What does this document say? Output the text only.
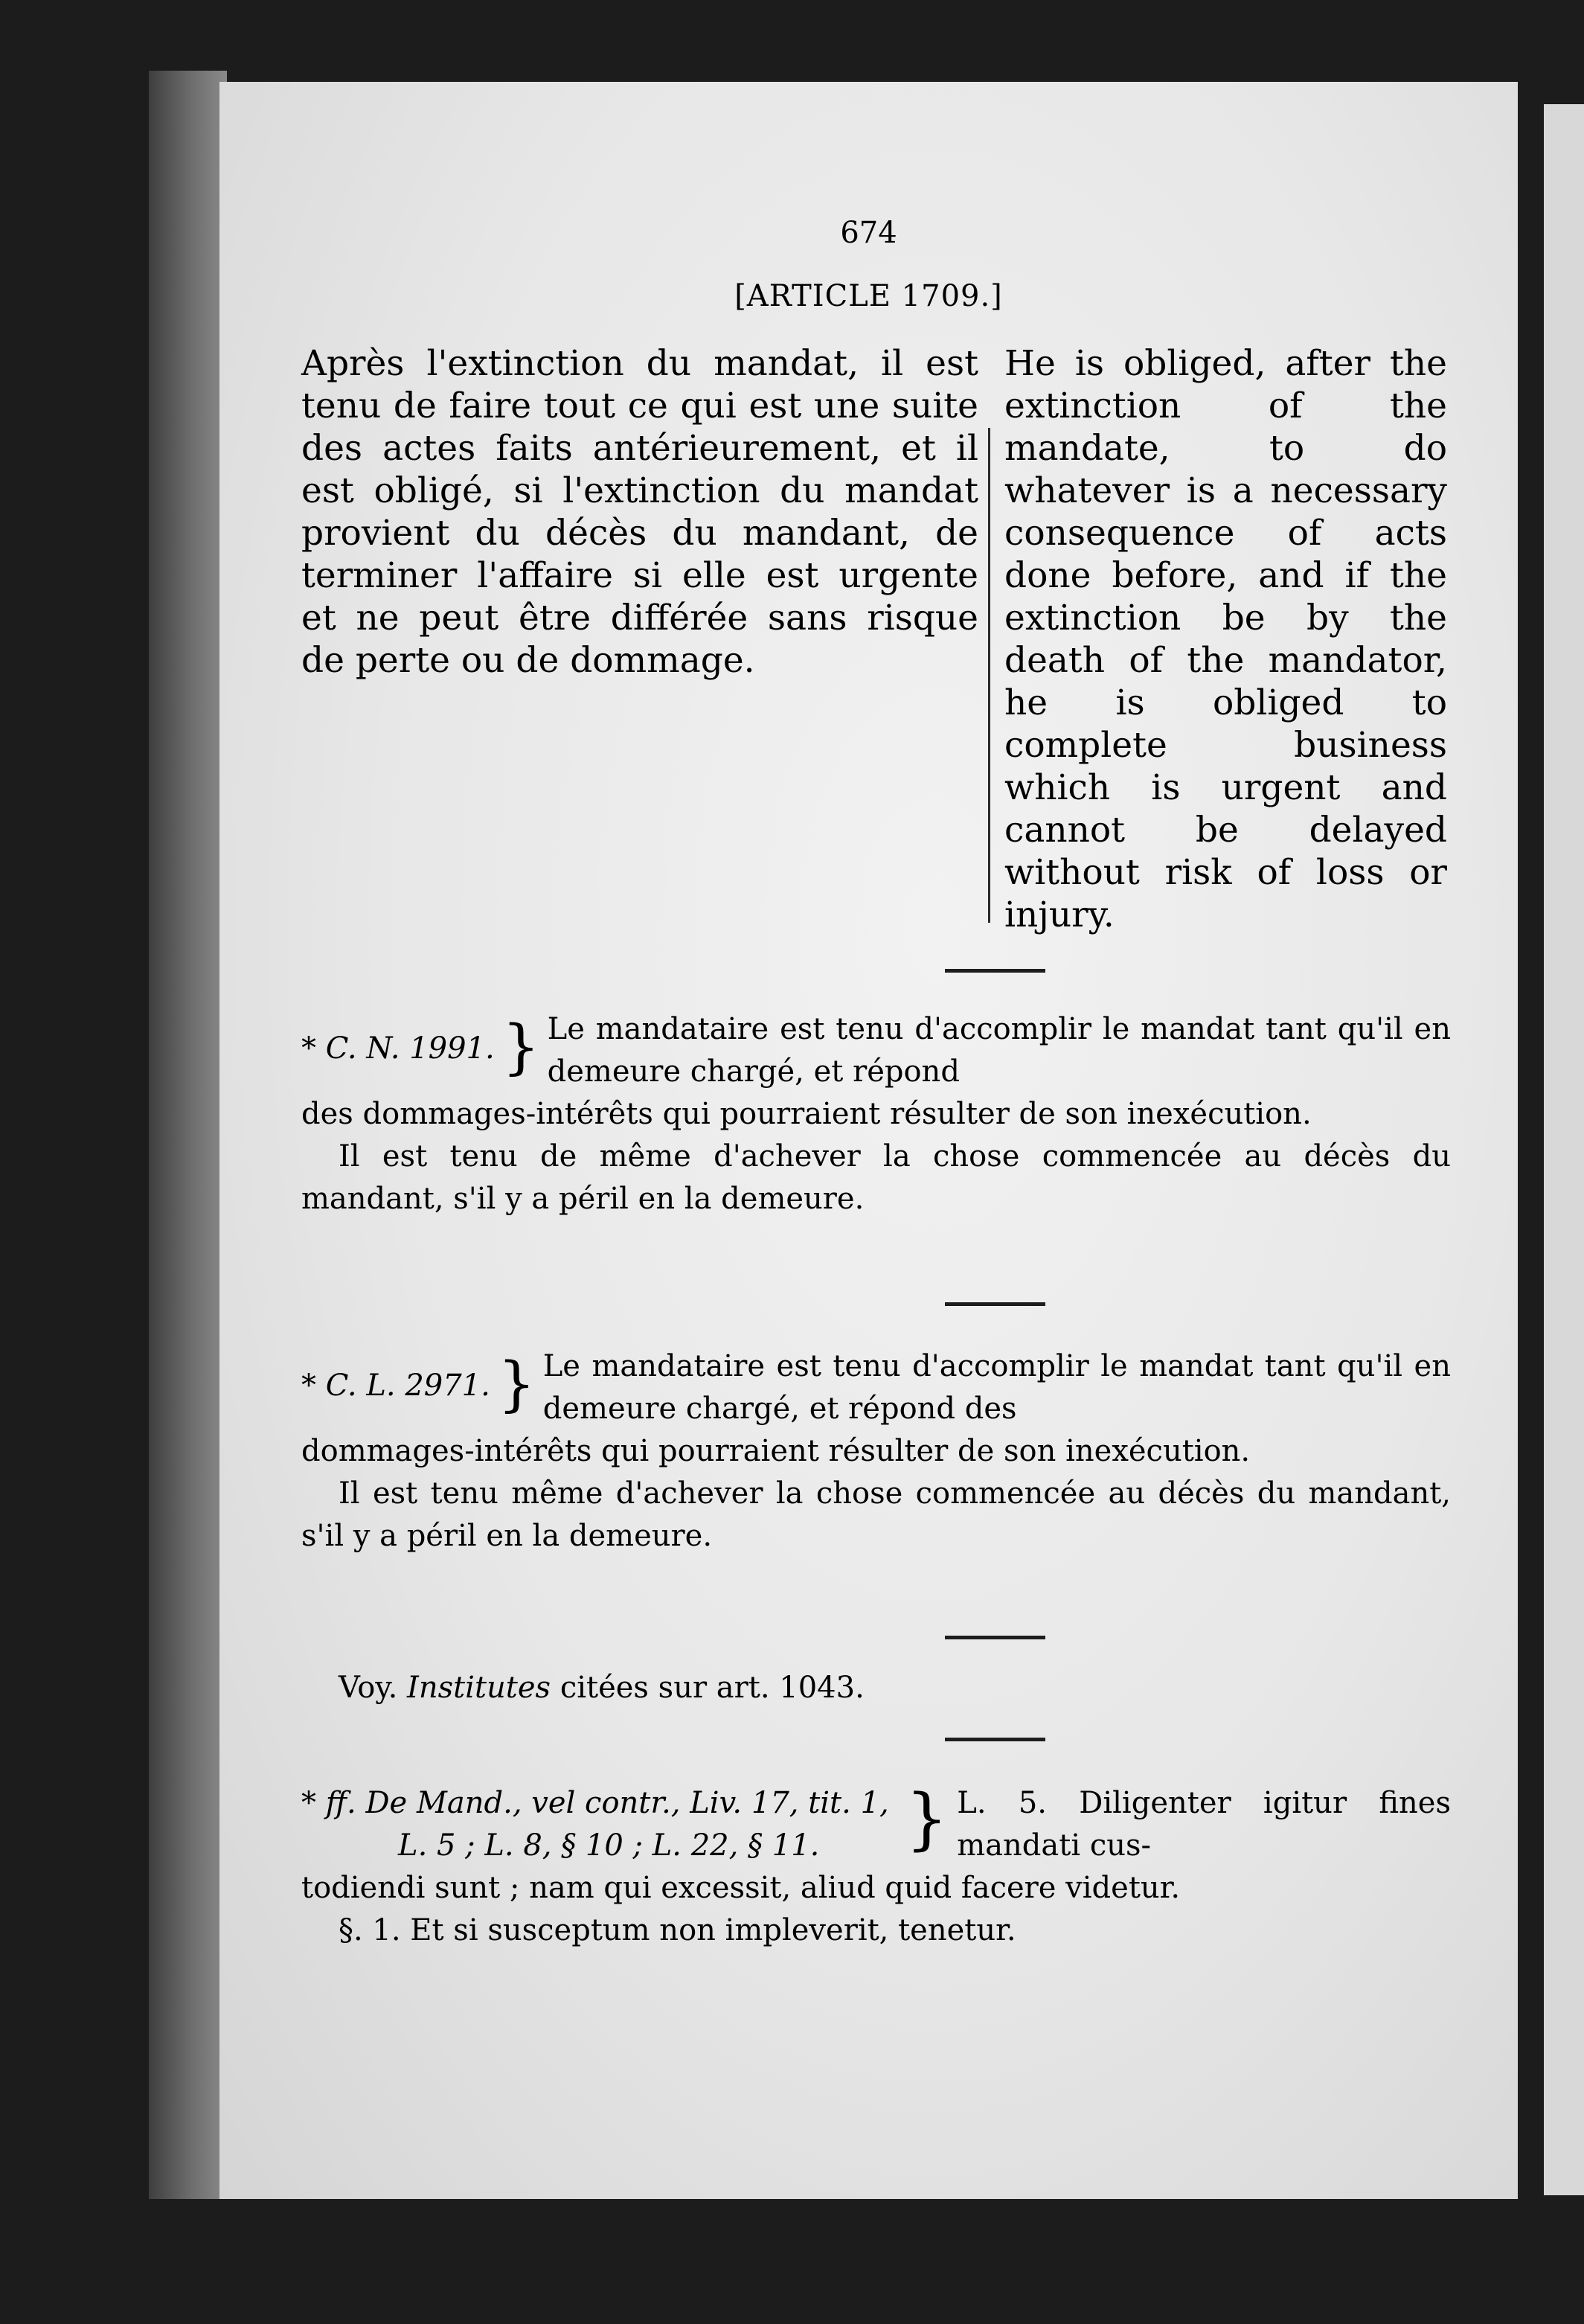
674
[ARTICLE 1709.]
Après l'extinction du mandat, il est tenu de faire tout ce qui est une suite des actes faits antérieurement, et il est obligé, si l'extinction du mandat provient du décès du mandant, de terminer l'affaire si elle est urgente et ne peut être différée sans risque de perte ou de dommage.
He is obliged, after the extinction of the mandate, to do whatever is a necessary consequence of acts done before, and if the extinction be by the death of the mandator, he is obliged to complete business which is urgent and cannot be delayed without risk of loss or injury.
* C. N. 1991. } Le mandataire est tenu d'accomplir le mandat tant qu'il en demeure chargé, et répond

des dommages-intérêts qui pourraient résulter de son inexécution.

Il est tenu de même d'achever la chose commencée au décès du mandant, s'il y a péril en la demeure.

* C. L. 2971. } Le mandataire est tenu d'accomplir le mandat tant qu'il en demeure chargé, et répond des

dommages-intérêts qui pourraient résulter de son inexécution.

Il est tenu même d'achever la chose commencée au décès du mandant, s'il y a péril en la demeure.

Voy. Institutes citées sur art. 1043.
* ff. De Mand., vel contr., Liv. 17, tit. 1,
L. 5 ; L. 8, § 10 ; L. 22, § 11.	} L. 5. Diligenter igitur fines mandati cus-

todiendi sunt ; nam qui excessit, aliud quid facere videtur.

§. 1. Et si susceptum non impleverit, tenetur.
